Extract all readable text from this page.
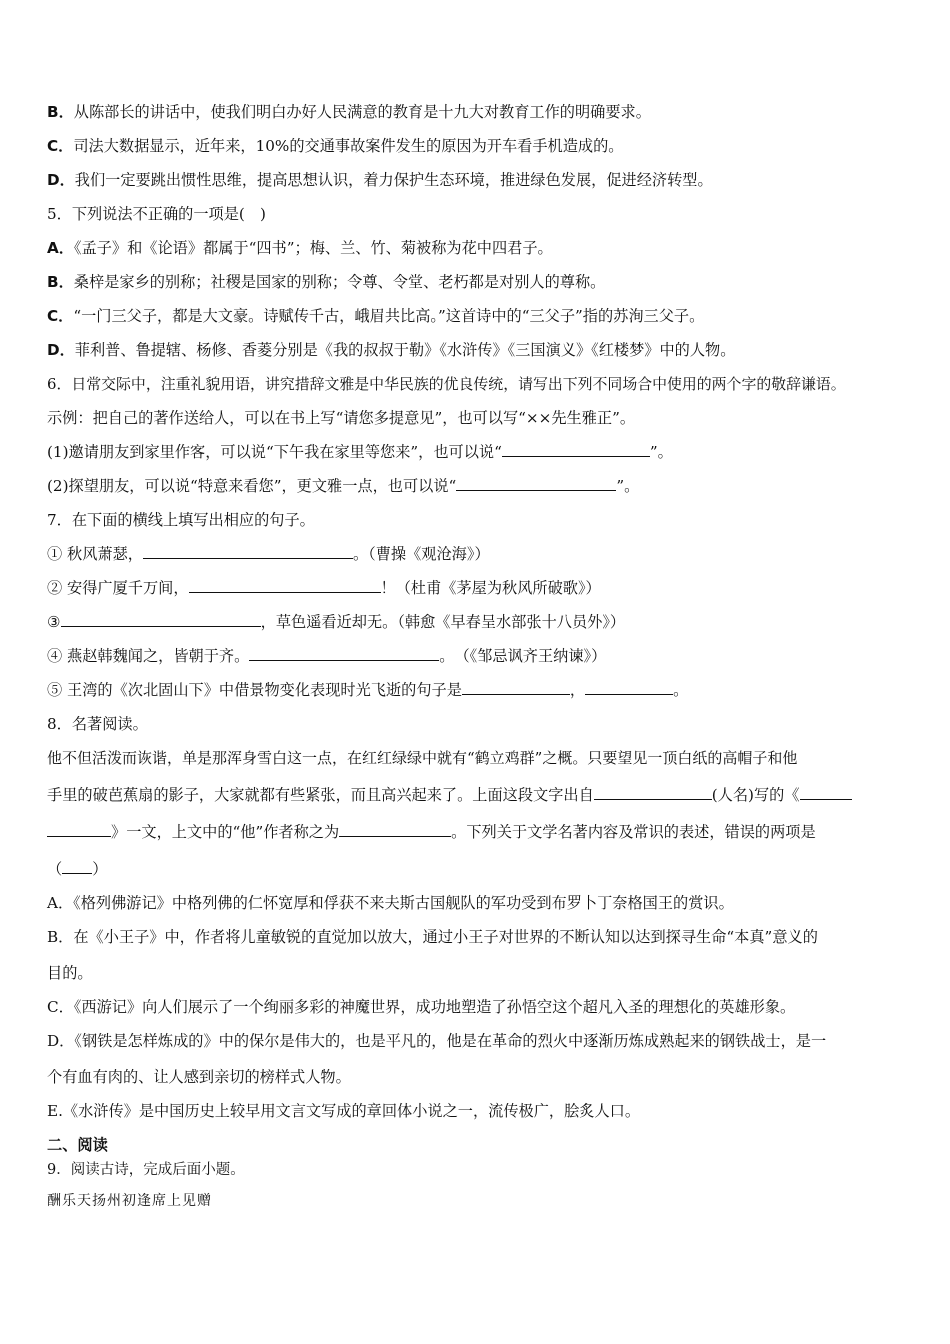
B．从陈部长的讲话中，使我们明白办好人民满意的教育是十九大对教育工作的明确要求。
C．司法大数据显示，近年来，10%的交通事故案件发生的原因为开车看手机造成的。
D．我们一定要跳出惯性思维，提高思想认识，着力保护生态环境，推进绿色发展，促进经济转型。
5．下列说法不正确的一项是(　)
A．《孟子》和《论语》都属于“四书”；梅、兰、竹、菊被称为花中四君子。
B．桑梓是家乡的别称；社稷是国家的别称；令尊、令堂、老朽都是对别人的尊称。
C．“一门三父子，都是大文豪。诗赋传千古，峨眉共比高。”这首诗中的“三父子”指的苏洵三父子。
D．菲利普、鲁提辖、杨修、香菱分别是《我的叔叔于勒》《水浒传》《三国演义》《红楼梦》中的人物。
6．日常交际中，注重礼貌用语，讲究措辞文雅是中华民族的优良传统，请写出下列不同场合中使用的两个字的敬辞谦语。
示例：把自己的著作送给人，可以在书上写“请您多提意见”，也可以写“××先生雅正”。
(1)邀请朋友到家里作客，可以说“下午我在家里等您来”，也可以说“	”。
(2)探望朋友，可以说“特意来看您”，更文雅一点，也可以说“	”。
7．在下面的横线上填写出相应的句子。
① 秋风萧瑟，	。（曹操《观沧海》）
② 安得广厦千万间，	！（杜甫《茅屋为秋风所破歌》）
③	，草色遥看近却无。（韩愈《早春呈水部张十八员外》）
④ 燕赵韩魏闻之，皆朝于齐。	。　（《邹忌讽齐王纳谏》）
⑤ 王湾的《次北固山下》中借景物变化表现时光飞逝的句子是	，	。
8．名著阅读。
他不但活泼而诙谐，单是那浑身雪白这一点，在红红绿绿中就有“鹤立鸡群”之概。只要望见一顶白纸的高帽子和他
手里的破芭蕉扇的影子，大家就都有些紧张，而且高兴起来了。上面这段文字出自	(人名)写的《
》一文，上文中的“他”作者称之为	。下列关于文学名著内容及常识的表述，错误的两项是
（ ）
A．《格列佛游记》中格列佛的仁怀宽厚和俘获不来夫斯古国舰队的军功受到布罗卜丁奈格国王的赏识。
B．在《小王子》中，作者将儿童敏锐的直觉加以放大，通过小王子对世界的不断认知以达到探寻生命“本真”意义的
目的。
C．《西游记》向人们展示了一个绚丽多彩的神魔世界，成功地塑造了孙悟空这个超凡入圣的理想化的英雄形象。
D．《钢铁是怎样炼成的》中的保尔是伟大的，也是平凡的，他是在革命的烈火中逐渐历炼成熟起来的钢铁战士，是一
个有血有肉的、让人感到亲切的榜样式人物。
E.《水浒传》是中国历史上较早用文言文写成的章回体小说之一，流传极广，脍炙人口。
二、阅读
9．阅读古诗，完成后面小题。
酬乐天扬州初逢席上见赠
